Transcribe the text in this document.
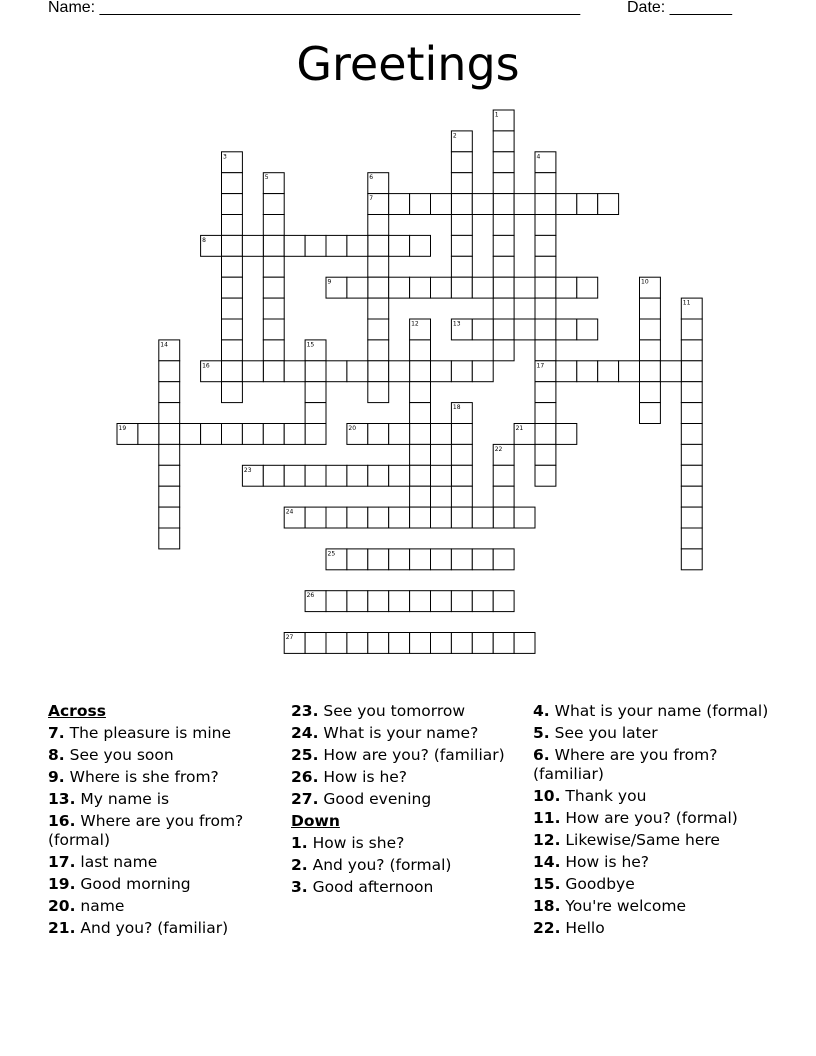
Name: ______________________________________________________	Date: _______
Greetings
1
2
3	4
5	6
7
8
9	10
11
12	13
14	15
16	17
18
19	20	21
22
23
24
25
26
27
Across
7. The pleasure is mine
8. See you soon
9. Where is she from?
13. My name is
16. Where are you from? (formal)
17. last name
19. Good morning
20. name
21. And you? (familiar)
23. See you tomorrow
24. What is your name?
25. How are you? (familiar)
26. How is he?
27. Good evening
Down
1. How is she?
2. And you? (formal)
3. Good afternoon
4. What is your name (formal)
5. See you later
6. Where are you from? (familiar)
10. Thank you
11. How are you? (formal)
12. Likewise/Same here
14. How is he?
15. Goodbye
18. You're welcome
22. Hello
